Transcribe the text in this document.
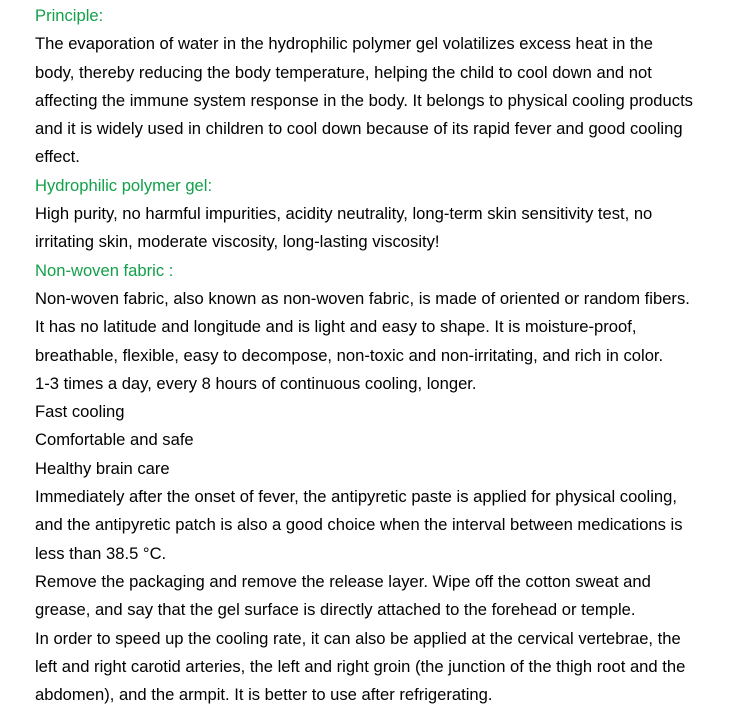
Principle:

The evaporation of water in the hydrophilic polymer gel volatilizes excess heat in the

body, thereby reducing the body temperature, helping the child to cool down and not

affecting the immune system response in the body. It belongs to physical cooling products

and it is widely used in children to cool down because of its rapid fever and good cooling

effect.

Hydrophilic polymer gel:

High purity, no harmful impurities, acidity neutrality, long-term skin sensitivity test, no

irritating skin, moderate viscosity, long-lasting viscosity!

Non-woven fabric :

Non-woven fabric, also known as non-woven fabric, is made of oriented or random fibers.

It has no latitude and longitude and is light and easy to shape. It is moisture-proof,

breathable, flexible, easy to decompose, non-toxic and non-irritating, and rich in color.

1-3 times a day, every 8 hours of continuous cooling, longer.

Fast cooling

Comfortable and safe

Healthy brain care

Immediately after the onset of fever, the antipyretic paste is applied for physical cooling,

and the antipyretic patch is also a good choice when the interval between medications is

less than 38.5 °C.

Remove the packaging and remove the release layer. Wipe off the cotton sweat and

grease, and say that the gel surface is directly attached to the forehead or temple.

In order to speed up the cooling rate, it can also be applied at the cervical vertebrae, the

left and right carotid arteries, the left and right groin (the junction of the thigh root and the

abdomen), and the armpit. It is better to use after refrigerating.
